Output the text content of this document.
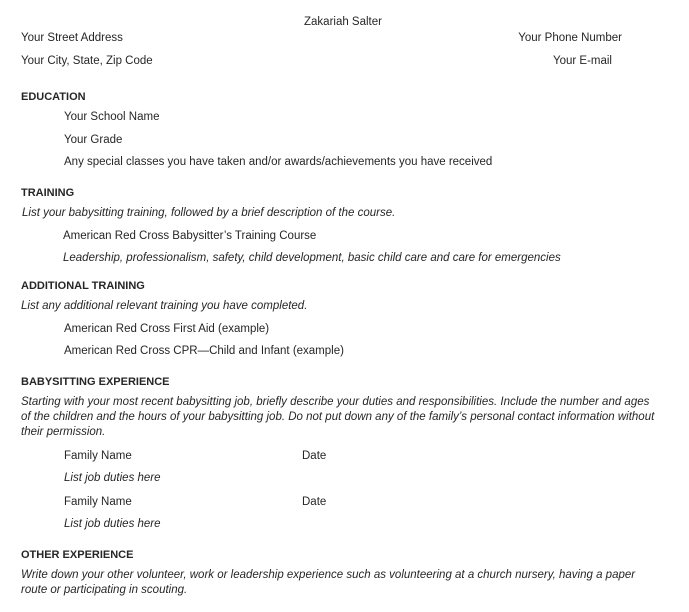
Zakariah Salter
Your Street Address	Your Phone Number
Your City, State, Zip Code	Your E-mail
EDUCATION
Your School Name
Your Grade
Any special classes you have taken and/or awards/achievements you have received
TRAINING
List your babysitting training, followed by a brief description of the course.
American Red Cross Babysitter’s Training Course
Leadership, professionalism, safety, child development, basic child care and care for emergencies
ADDITIONAL TRAINING
List any additional relevant training you have completed.
American Red Cross First Aid (example)
American Red Cross CPR—Child and Infant (example)
BABYSITTING EXPERIENCE
Starting with your most recent babysitting job, briefly describe your duties and responsibilities. Include the number and ages of the children and the hours of your babysitting job. Do not put down any of the family’s personal contact information without their permission.
Family Name	Date
List job duties here
Family Name	Date
List job duties here
OTHER EXPERIENCE
Write down your other volunteer, work or leadership experience such as volunteering at a church nursery, having a paper route or participating in scouting.
